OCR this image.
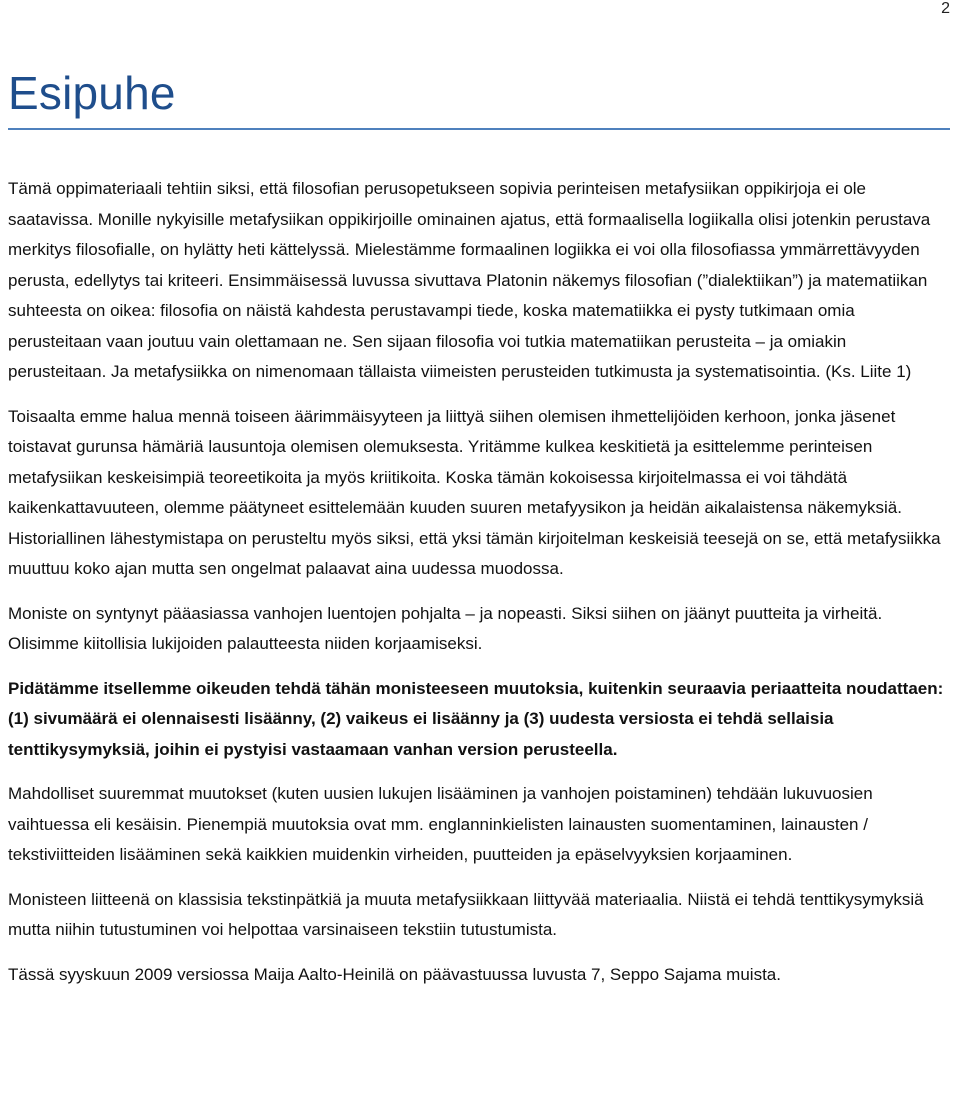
2
Esipuhe

Tämä oppimateriaali tehtiin siksi, että filosofian perusopetukseen sopivia perinteisen metafysiikan oppikirjoja ei ole saatavissa. Monille nykyisille metafysiikan oppikirjoille ominainen ajatus, että formaalisella logiikalla olisi jotenkin perustava merkitys filosofialle, on hylätty heti kättelyssä. Mielestämme formaalinen logiikka ei voi olla filosofiassa ymmärrettävyyden perusta, edellytys tai kriteeri. Ensimmäisessä luvussa sivuttava Platonin näkemys filosofian (”dialektiikan”) ja matematiikan suhteesta on oikea: filosofia on näistä kahdesta perustavampi tiede, koska matematiikka ei pysty tutkimaan omia perusteitaan vaan joutuu vain olettamaan ne. Sen sijaan filosofia voi tutkia matematiikan perusteita – ja omiakin perusteitaan. Ja metafysiikka on nimenomaan tällaista viimeisten perusteiden tutkimusta ja systematisointia. (Ks. Liite 1)

Toisaalta emme halua mennä toiseen äärimmäisyyteen ja liittyä siihen olemisen ihmettelijöiden kerhoon, jonka jäsenet toistavat gurunsa hämäriä lausuntoja olemisen olemuksesta. Yritämme kulkea keskitietä ja esittelemme perinteisen metafysiikan keskeisimpiä teoreetikoita ja myös kriitikoita. Koska tämän kokoisessa kirjoitelmassa ei voi tähdätä kaikenkattavuuteen, olemme päätyneet esittelemään kuuden suuren metafyysikon ja heidän aikalaistensa näkemyksiä.Historiallinen lähestymistapa on perusteltu myös siksi, että yksi tämän kirjoitelman keskeisiä teesejä on se, että metafysiikka muuttuu koko ajan mutta sen ongelmat palaavat aina uudessa muodossa.

Moniste on syntynyt pääasiassa vanhojen luentojen pohjalta – ja nopeasti. Siksi siihen on jäänyt puutteita ja virheitä.Olisimme kiitollisia lukijoiden palautteesta niiden korjaamiseksi.

Pidätämme itsellemme oikeuden tehdä tähän monisteeseen muutoksia, kuitenkin seuraavia periaatteita noudattaen: (1) sivumäärä ei olennaisesti lisäänny, (2) vaikeus ei lisäänny ja (3) uudesta versiosta ei tehdä sellaisia tenttikysymyksiä, joihin ei pystyisi vastaamaan vanhan version perusteella.

Mahdolliset suuremmat muutokset (kuten uusien lukujen lisääminen ja vanhojen poistaminen) tehdään lukuvuosien vaihtuessa eli kesäisin. Pienempiä muutoksia ovat mm. englanninkielisten lainausten suomentaminen, lainausten / tekstiviitteiden lisääminen sekä kaikkien muidenkin virheiden, puutteiden ja epäselvyyksien korjaaminen.

Monisteen liitteenä on klassisia tekstinpätkiä ja muuta metafysiikkaan liittyvää materiaalia. Niistä ei tehdä tenttikysymyksiä mutta niihin tutustuminen voi helpottaa varsinaiseen tekstiin tutustumista.

Tässä syyskuun 2009 versiossa Maija Aalto-Heinilä on päävastuussa luvusta 7, Seppo Sajama muista.
